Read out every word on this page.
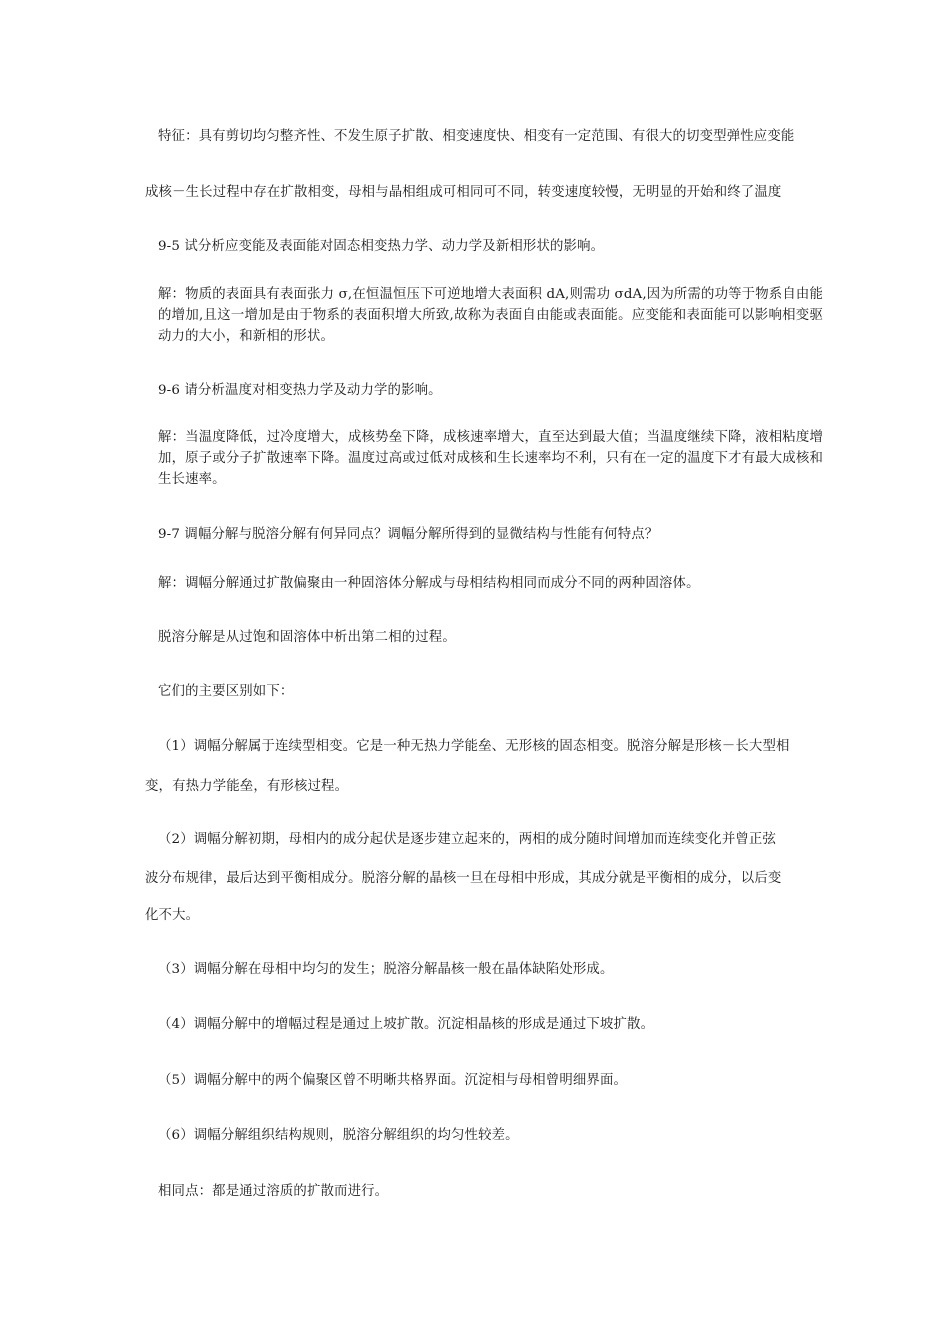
特征：具有剪切均匀整齐性、不发生原子扩散、相变速度快、相变有一定范围、有很大的切变型弹性应变能
成核－生长过程中存在扩散相变，母相与晶相组成可相同可不同，转变速度较慢，无明显的开始和终了温度
9-5 试分析应变能及表面能对固态相变热力学、动力学及新相形状的影响。
解：物质的表面具有表面张力 σ,在恒温恒压下可逆地增大表面积 dA,则需功 σdA,因为所需的功等于物系自由能的增加,且这一增加是由于物系的表面积增大所致,故称为表面自由能或表面能。应变能和表面能可以影响相变驱动力的大小，和新相的形状。
9-6 请分析温度对相变热力学及动力学的影响。
解：当温度降低，过冷度增大，成核势垒下降，成核速率增大，直至达到最大值；当温度继续下降，液相粘度增加，原子或分子扩散速率下降。温度过高或过低对成核和生长速率均不利，只有在一定的温度下才有最大成核和生长速率。
9-7 调幅分解与脱溶分解有何异同点？调幅分解所得到的显微结构与性能有何特点？
解：调幅分解通过扩散偏聚由一种固溶体分解成与母相结构相同而成分不同的两种固溶体。
脱溶分解是从过饱和固溶体中析出第二相的过程。
它们的主要区别如下：
（1）调幅分解属于连续型相变。它是一种无热力学能垒、无形核的固态相变。脱溶分解是形核－长大型相
变，有热力学能垒，有形核过程。
（2）调幅分解初期，母相内的成分起伏是逐步建立起来的，两相的成分随时间增加而连续变化并曾正弦
波分布规律，最后达到平衡相成分。脱溶分解的晶核一旦在母相中形成，其成分就是平衡相的成分，以后变
化不大。
（3）调幅分解在母相中均匀的发生；脱溶分解晶核一般在晶体缺陷处形成。
（4）调幅分解中的增幅过程是通过上坡扩散。沉淀相晶核的形成是通过下坡扩散。
（5）调幅分解中的两个偏聚区曾不明晰共格界面。沉淀相与母相曾明细界面。
（6）调幅分解组织结构规则，脱溶分解组织的均匀性较差。
相同点：都是通过溶质的扩散而进行。
